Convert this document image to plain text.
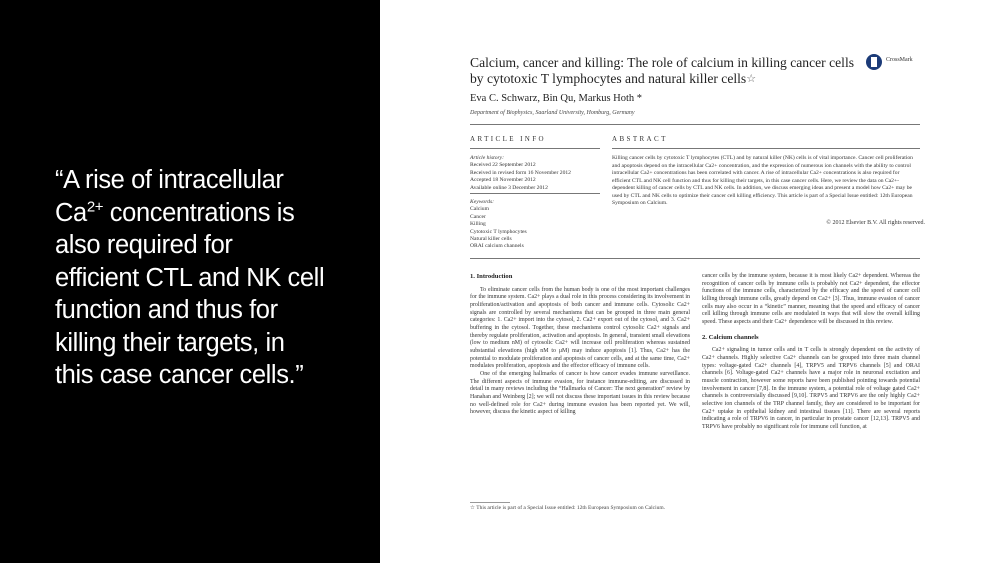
“A rise of intracellular
$Ca^{2+}$ concentrations is
also required for
efficient CTL and NK cell
function and thus for
killing their targets, in
this case cancer cells.”
Calcium, cancer and killing: The role of calcium in killing cancer cells
by cytotoxic T lymphocytes and natural killer cells☆
CrossMark
Eva C. Schwarz, Bin Qu, Markus Hoth *
Department of Biophysics, Saarland University, Homburg, Germany
ARTICLE INFO	ABSTRACT
Article history:
Received 22 September 2012
Received in revised form 16 November 2012
Accepted 18 November 2012
Available online 3 December 2012
Keywords:
Calcium
Cancer
Killing
Cytotoxic T lymphocytes
Natural killer cells
ORAI calcium channels
Killing cancer cells by cytotoxic T lymphocytes (CTL) and by natural killer (NK) cells is of vital importance. Cancer cell proliferation and apoptosis depend on the intracellular Ca2+ concentration, and the expression of numerous ion channels with the ability to control intracellular Ca2+ concentrations has been correlated with cancer. A rise of intracellular Ca2+ concentrations is also required for efficient CTL and NK cell function and thus for killing their targets, in this case cancer cells. Here, we review the data on Ca2+-dependent killing of cancer cells by CTL and NK cells. In addition, we discuss emerging ideas and present a model how Ca2+ may be used by CTL and NK cells to optimize their cancer cell killing efficiency. This article is part of a Special Issue entitled: 12th European Symposium on Calcium.
© 2012 Elsevier B.V. All rights reserved.
1. Introduction

To eliminate cancer cells from the human body is one of the most important challenges for the immune system. Ca2+ plays a dual role in this process considering its involvement in proliferation/activation and apoptosis of both cancer and immune cells. Cytosolic Ca2+ signals are controlled by several mechanisms that can be grouped in three main general categories: 1. Ca2+ import into the cytosol, 2. Ca2+ export out of the cytosol, and 3. Ca2+ buffering in the cytosol. Together, these mechanisms control cytosolic Ca2+ signals and thereby regulate proliferation, activation and apoptosis. In general, transient small elevations (low to medium nM) of cytosolic Ca2+ will increase cell proliferation whereas sustained substantial elevations (high nM to μM) may induce apoptosis [1]. Thus, Ca2+ has the potential to modulate proliferation and apoptosis of cancer cells, and at the same time, Ca2+ modulates proliferation, apoptosis and the effector efficacy of immune cells.

One of the emerging hallmarks of cancer is how cancer evades immune surveillance. The different aspects of immune evasion, for instance immune-editing, are discussed in detail in many reviews including the “Hallmarks of Cancer: The next generation” review by Hanahan and Weinberg [2]; we will not discuss these important issues in this review because no well-defined role for Ca2+ during immune evasion has been reported yet. We will, however, discuss the kinetic aspect of killing

cancer cells by the immune system, because it is most likely Ca2+ dependent. Whereas the recognition of cancer cells by immune cells is probably not Ca2+ dependent, the effector functions of the immune cells, characterized by the efficacy and the speed of cancer cell killing through immune cells, greatly depend on Ca2+ [3]. Thus, immune evasion of cancer cells may also occur in a “kinetic” manner, meaning that the speed and efficacy of cancer cell killing through immune cells are modulated in ways that will slow the overall killing speed. These aspects and their Ca2+ dependence will be discussed in this review.

2. Calcium channels

Ca2+ signaling in tumor cells and in T cells is strongly dependent on the activity of Ca2+ channels. Highly selective Ca2+ channels can be grouped into three main channel types: voltage-gated Ca2+ channels [4], TRPV5 and TRPV6 channels [5] and ORAI channels [6]. Voltage-gated Ca2+ channels have a major role in neuronal excitation and muscle contraction, however some reports have been published pointing towards potential involvement in cancer [7,8]. In the immune system, a potential role of voltage gated Ca2+ channels is controversially discussed [9,10]. TRPV5 and TRPV6 are the only highly Ca2+ selective ion channels of the TRP channel family, they are considered to be important for Ca2+ uptake in epithelial kidney and intestinal tissues [11]. There are several reports indicating a role of TRPV6 in cancer, in particular in prostate cancer [12,13]. TRPV5 and TRPV6 have probably no significant role for immune cell function, at

☆ This article is part of a Special Issue entitled: 12th European Symposium on Calcium.
